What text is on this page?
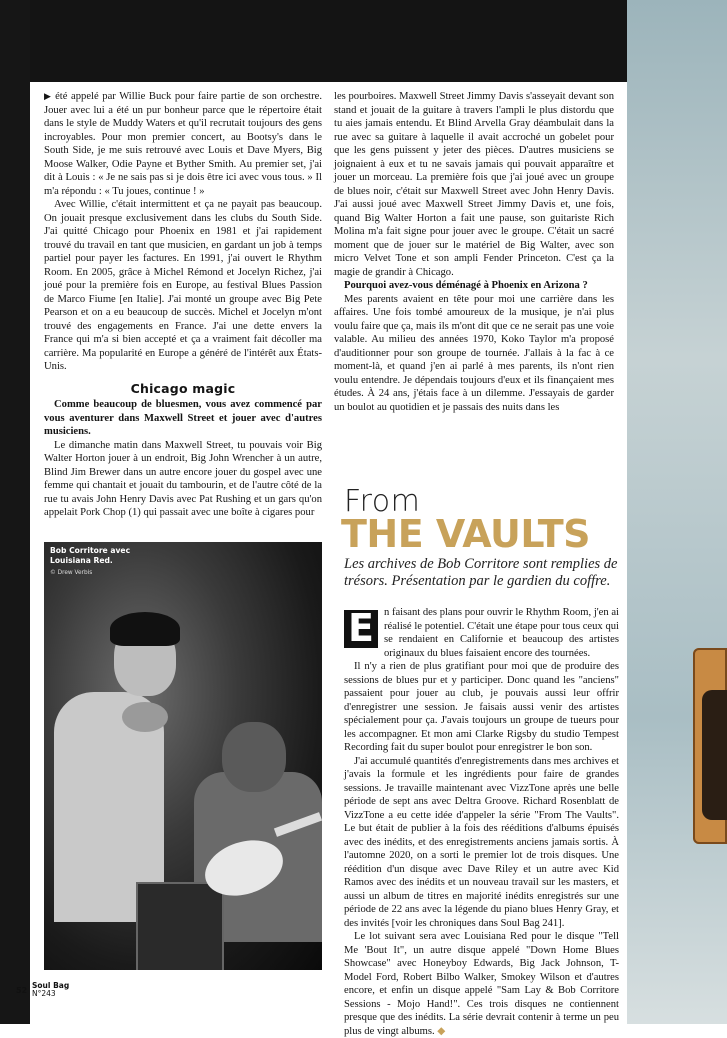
▶ été appelé par Willie Buck pour faire partie de son orchestre. Jouer avec lui a été un pur bonheur parce que le répertoire était dans le style de Muddy Waters et qu'il recrutait toujours des gens incroyables. Pour mon premier concert, au Bootsy's dans le South Side, je me suis retrouvé avec Louis et Dave Myers, Big Moose Walker, Odie Payne et Byther Smith. Au premier set, j'ai dit à Louis : « Je ne sais pas si je dois être ici avec vous tous. » Il m'a répondu : « Tu joues, continue ! »

Avec Willie, c'était intermittent et ça ne payait pas beaucoup. On jouait presque exclusivement dans les clubs du South Side. J'ai quitté Chicago pour Phoenix en 1981 et j'ai rapidement trouvé du travail en tant que musicien, en gardant un job à temps partiel pour payer les factures. En 1991, j'ai ouvert le Rhythm Room. En 2005, grâce à Michel Rémond et Jocelyn Richez, j'ai joué pour la première fois en Europe, au festival Blues Passion de Marco Fiume [en Italie]. J'ai monté un groupe avec Big Pete Pearson et on a eu beaucoup de succès. Michel et Jocelyn m'ont trouvé des engagements en France. J'ai une dette envers la France qui m'a si bien accepté et ça a vraiment fait décoller ma carrière. Ma popularité en Europe a généré de l'intérêt aux États-Unis.

Chicago magic

Comme beaucoup de bluesmen, vous avez commencé par vous aventurer dans Maxwell Street et jouer avec d'autres musiciens.

Le dimanche matin dans Maxwell Street, tu pouvais voir Big Walter Horton jouer à un endroit, Big John Wrencher à un autre, Blind Jim Brewer dans un autre encore jouer du gospel avec une femme qui chantait et jouait du tambourin, et de l'autre côté de la rue tu avais John Henry Davis avec Pat Rushing et un gars qu'on appelait Pork Chop (1) qui passait avec une boîte à cigares pour

les pourboires. Maxwell Street Jimmy Davis s'asseyait devant son stand et jouait de la guitare à travers l'ampli le plus distordu que tu aies jamais entendu. Et Blind Arvella Gray déambulait dans la rue avec sa guitare à laquelle il avait accroché un gobelet pour que les gens puissent y jeter des pièces. D'autres musiciens se joignaient à eux et tu ne savais jamais qui pouvait apparaître et jouer un morceau. La première fois que j'ai joué avec un groupe de blues noir, c'était sur Maxwell Street avec John Henry Davis. J'ai aussi joué avec Maxwell Street Jimmy Davis et, une fois, quand Big Walter Horton a fait une pause, son guitariste Rich Molina m'a fait signe pour jouer avec le groupe. C'était un sacré moment que de jouer sur le matériel de Big Walter, avec son micro Velvet Tone et son ampli Fender Princeton. C'est ça la magie de grandir à Chicago.

Pourquoi avez-vous déménagé à Phoenix en Arizona ?

Mes parents avaient en tête pour moi une carrière dans les affaires. Une fois tombé amoureux de la musique, je n'ai plus voulu faire que ça, mais ils m'ont dit que ce ne serait pas une voie valable. Au milieu des années 1970, Koko Taylor m'a proposé d'auditionner pour son groupe de tournée. J'allais à la fac à ce moment-là, et quand j'en ai parlé à mes parents, ils n'ont rien voulu entendre. Je dépendais toujours d'eux et ils finançaient mes études. À 24 ans, j'étais face à un dilemme. J'essayais de garder un boulot au quotidien et je passais des nuits dans les

Bob Corritore avec Louisiana Red.
© Drew Verbis
From
THE VAULTS
Les archives de Bob Corritore sont remplies de trésors. Présentation par le gardien du coffre.

E n faisant des plans pour ouvrir le Rhythm Room, j'en ai réalisé le potentiel. C'était une étape pour tous ceux qui se rendaient en Californie et beaucoup des artistes originaux du blues faisaient encore des tournées.

Il n'y a rien de plus gratifiant pour moi que de produire des sessions de blues pur et y participer. Donc quand les "anciens" passaient pour jouer au club, je pouvais aussi leur offrir d'enregistrer une session. Je faisais aussi venir des artistes spécialement pour ça. J'avais toujours un groupe de tueurs pour les accompagner. Et mon ami Clarke Rigsby du studio Tempest Recording fait du super boulot pour enregistrer le bon son.

J'ai accumulé quantités d'enregistrements dans mes archives et j'avais la formule et les ingrédients pour faire de grandes sessions. Je travaille maintenant avec VizzTone après une belle période de sept ans avec Deltra Groove. Richard Rosenblatt de VizzTone a eu cette idée d'appeler la série "From The Vaults". Le but était de publier à la fois des rééditions d'albums épuisés avec des inédits, et des enregistrements anciens jamais sortis. À l'automne 2020, on a sorti le premier lot de trois disques. Une réédition d'un disque avec Dave Riley et un autre avec Kid Ramos avec des inédits et un nouveau travail sur les masters, et aussi un album de titres en majorité inédits enregistrés sur une période de 22 ans avec la légende du piano blues Henry Gray, et des invités [voir les chroniques dans Soul Bag 241].

Le lot suivant sera avec Louisiana Red pour le disque "Tell Me 'Bout It", un autre disque appelé "Down Home Blues Showcase" avec Honeyboy Edwards, Big Jack Johnson, T-Model Ford, Robert Bilbo Walker, Smokey Wilson et d'autres encore, et enfin un disque appelé "Sam Lay & Bob Corritore Sessions - Mojo Hand!". Ces trois disques ne contiennent presque que des inédits. La série devrait contenir à terme un peu plus de vingt albums. ◆

52
Soul Bag
N°243
